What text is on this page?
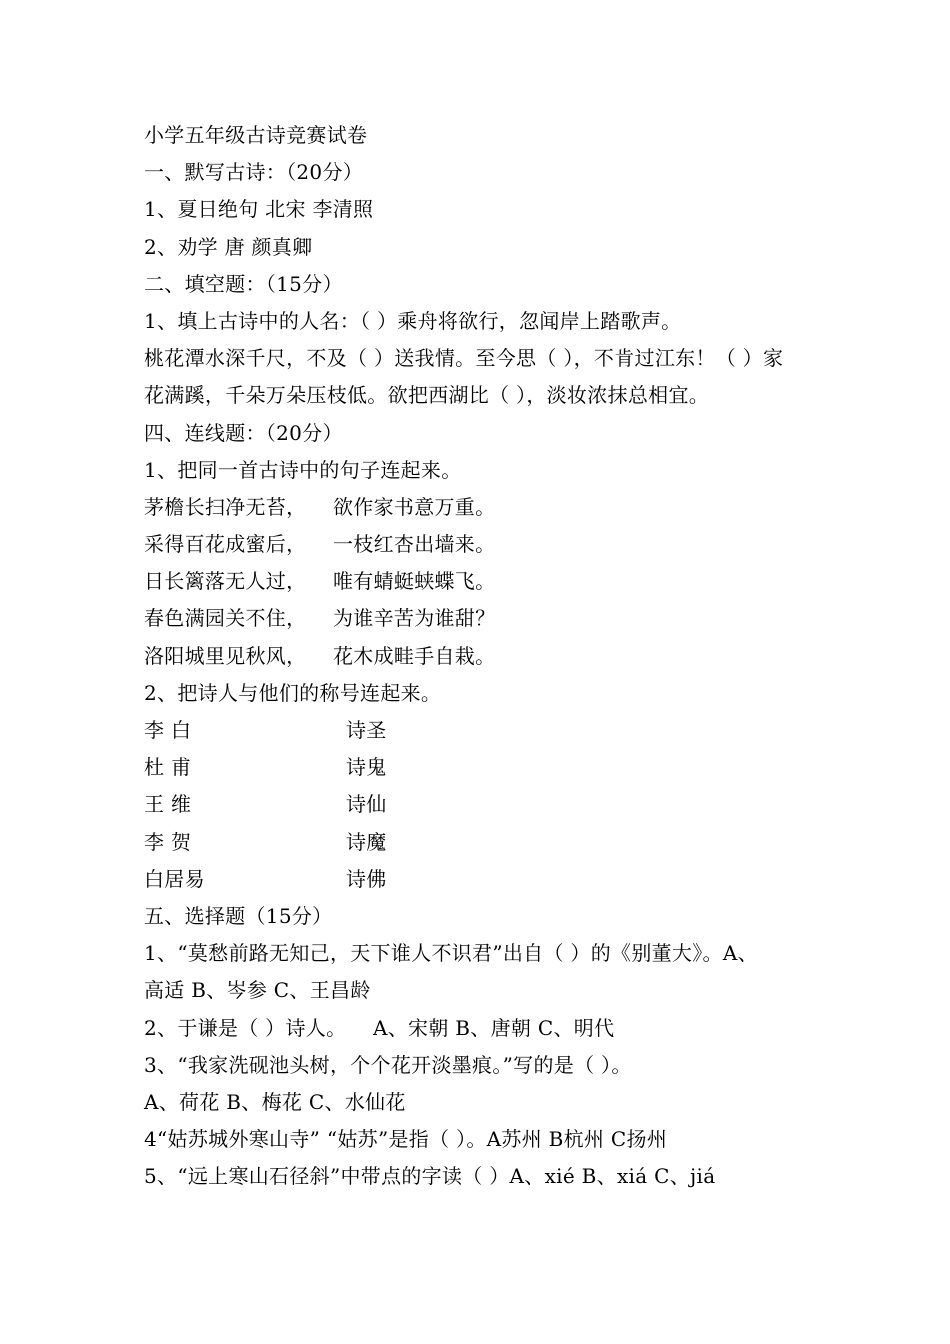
小学五年级古诗竞赛试卷
一、默写古诗：（20分）
1、夏日绝句 北宋 李清照
2、劝学 唐 颜真卿
二、填空题：（15分）
1、填上古诗中的人名：（ ）乘舟将欲行，忽闻岸上踏歌声。
桃花潭水深千尺，不及（ ）送我情。至今思（ ），不肯过江东！（ ）家
花满蹊，千朵万朵压枝低。欲把西湖比（ ），淡妆浓抹总相宜。
四、连线题：（20分）
1、把同一首古诗中的句子连起来。
茅檐长扫净无苔，	欲作家书意万重。
采得百花成蜜后，	一枝红杏出墙来。
日长篱落无人过，	唯有蜻蜓蛱蝶飞。
春色满园关不住，	为谁辛苦为谁甜？
洛阳城里见秋风，	花木成畦手自栽。
2、把诗人与他们的称号连起来。
李 白	诗圣
杜 甫	诗鬼
王 维	诗仙
李 贺	诗魔
白居易	诗佛
五、选择题（15分）
1、“莫愁前路无知己，天下谁人不识君”出自（ ）的《别董大》。A、
高适 B、岑参 C、王昌龄
2、于谦是（ ）诗人。    A、宋朝 B、唐朝 C、明代
3、“我家洗砚池头树，个个花开淡墨痕。”写的是（ ）。
A、荷花 B、梅花 C、水仙花
4“姑苏城外寒山寺” “姑苏”是指（ ）。A苏州 B杭州 C扬州
5、“远上寒山石径斜”中带点的字读（ ）A、xié B、xiá C、jiá
